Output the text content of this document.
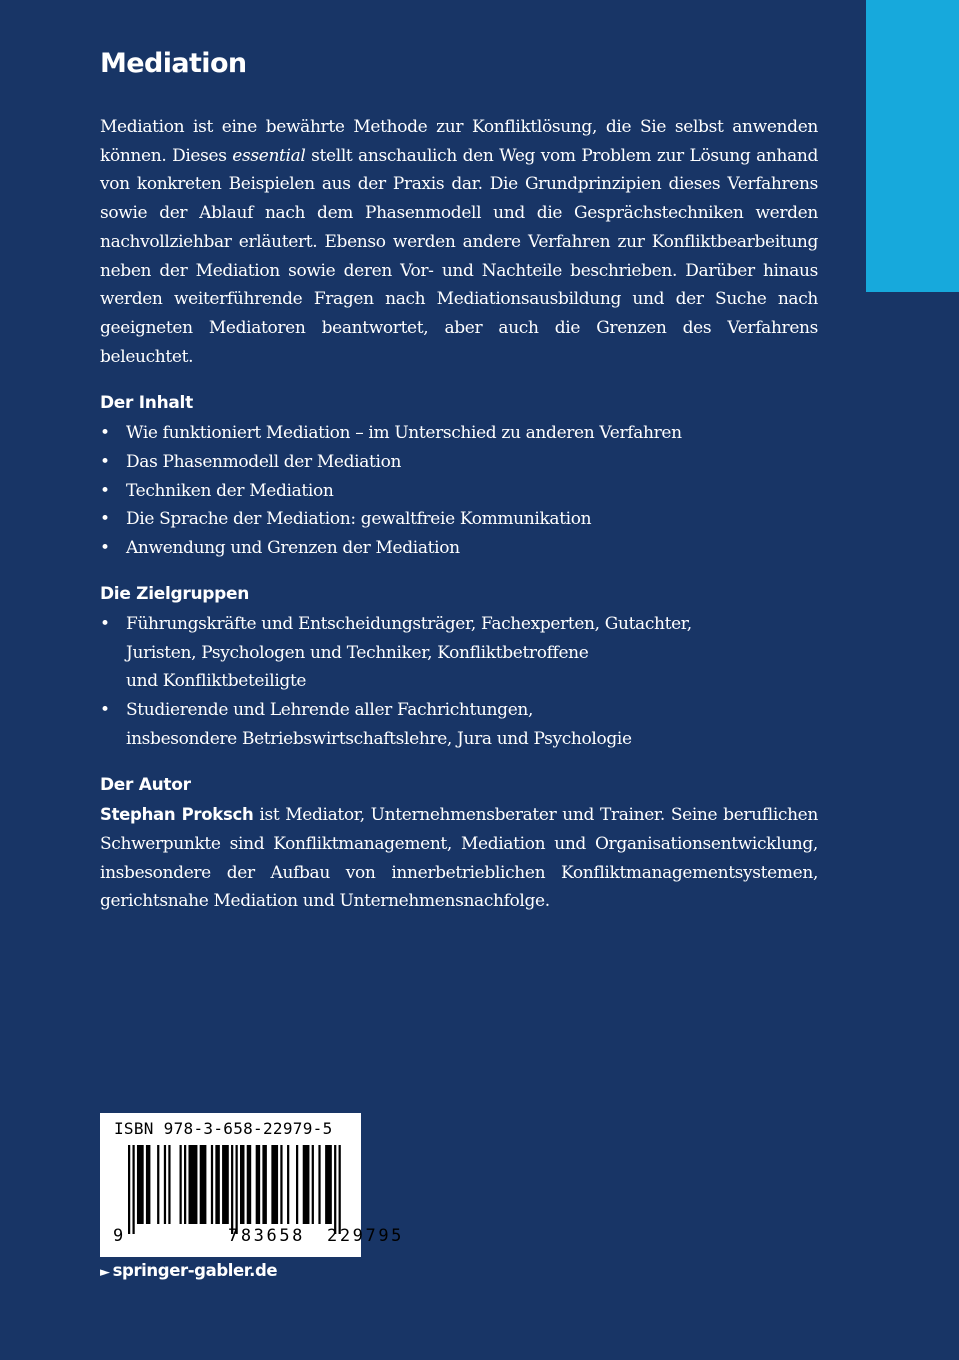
Mediation

Mediation ist eine bewährte Methode zur Konfliktlösung, die Sie selbst anwenden können. Dieses essential stellt anschaulich den Weg vom Problem zur Lösung anhand von konkreten Beispielen aus der Praxis dar. Die Grundprinzipien dieses Verfahrens sowie der Ablauf nach dem Phasenmodell und die Gesprächstechniken werden nachvollziehbar erläutert. Ebenso werden andere Verfahren zur Konfliktbearbeitung neben der Mediation sowie deren Vor- und Nachteile beschrieben. Darüber hinaus werden weiterführende Fragen nach Mediationsausbildung und der Suche nach geeigneten Mediatoren beantwortet, aber auch die Grenzen des Verfahrens beleuchtet.

Der Inhalt
• Wie funktioniert Mediation – im Unterschied zu anderen Verfahren
• Das Phasenmodell der Mediation
• Techniken der Mediation
• Die Sprache der Mediation: gewaltfreie Kommunikation
• Anwendung und Grenzen der Mediation
Die Zielgruppen
• Führungskräfte und Entscheidungsträger, Fachexperten, Gutachter,
Juristen, Psychologen und Techniker, Konfliktbetroffene
und Konfliktbeteiligte
• Studierende und Lehrende aller Fachrichtungen,
insbesondere Betriebswirtschaftslehre, Jura und Psychologie
Der Autor

Stephan Proksch ist Mediator, Unternehmensberater und Trainer. Seine beruflichen Schwerpunkte sind Konfliktmanagement, Mediation und Organisationsentwicklung, insbesondere der Aufbau von innerbetrieblichen Konfliktmanagementsystemen, gerichtsnahe Mediation und Unternehmensnachfolge.

ISBN 978-3-658-22979-5
9	783658 229795
► springer-gabler.de
